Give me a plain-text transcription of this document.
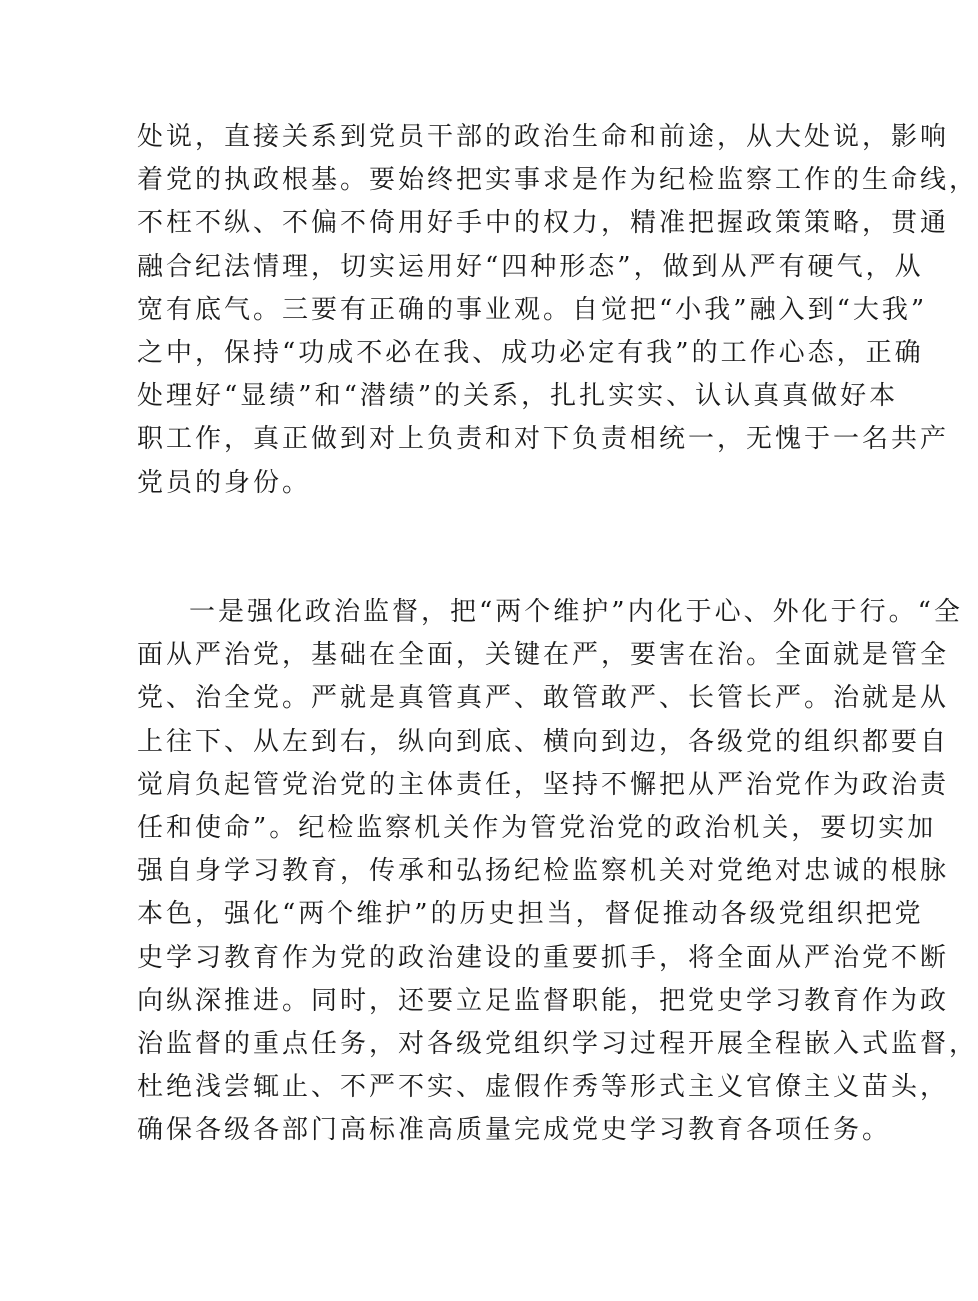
处说，直接关系到党员干部的政治生命和前途，从大处说，影响
着党的执政根基。要始终把实事求是作为纪检监察工作的生命线，
不枉不纵、不偏不倚用好手中的权力，精准把握政策策略，贯通
融合纪法情理，切实运用好“四种形态”，做到从严有硬气，从
宽有底气。三要有正确的事业观。自觉把“小我”融入到“大我”
之中，保持“功成不必在我、成功必定有我”的工作心态，正确
处理好“显绩”和“潜绩”的关系，扎扎实实、认认真真做好本
职工作，真正做到对上负责和对下负责相统一，无愧于一名共产
党员的身份。
一是强化政治监督，把“两个维护”内化于心、外化于行。“全
面从严治党，基础在全面，关键在严，要害在治。全面就是管全
党、治全党。严就是真管真严、敢管敢严、长管长严。治就是从
上往下、从左到右，纵向到底、横向到边，各级党的组织都要自
觉肩负起管党治党的主体责任，坚持不懈把从严治党作为政治责
任和使命”。纪检监察机关作为管党治党的政治机关，要切实加
强自身学习教育，传承和弘扬纪检监察机关对党绝对忠诚的根脉
本色，强化“两个维护”的历史担当，督促推动各级党组织把党
史学习教育作为党的政治建设的重要抓手，将全面从严治党不断
向纵深推进。同时，还要立足监督职能，把党史学习教育作为政
治监督的重点任务，对各级党组织学习过程开展全程嵌入式监督，
杜绝浅尝辄止、不严不实、虚假作秀等形式主义官僚主义苗头，
确保各级各部门高标准高质量完成党史学习教育各项任务。
